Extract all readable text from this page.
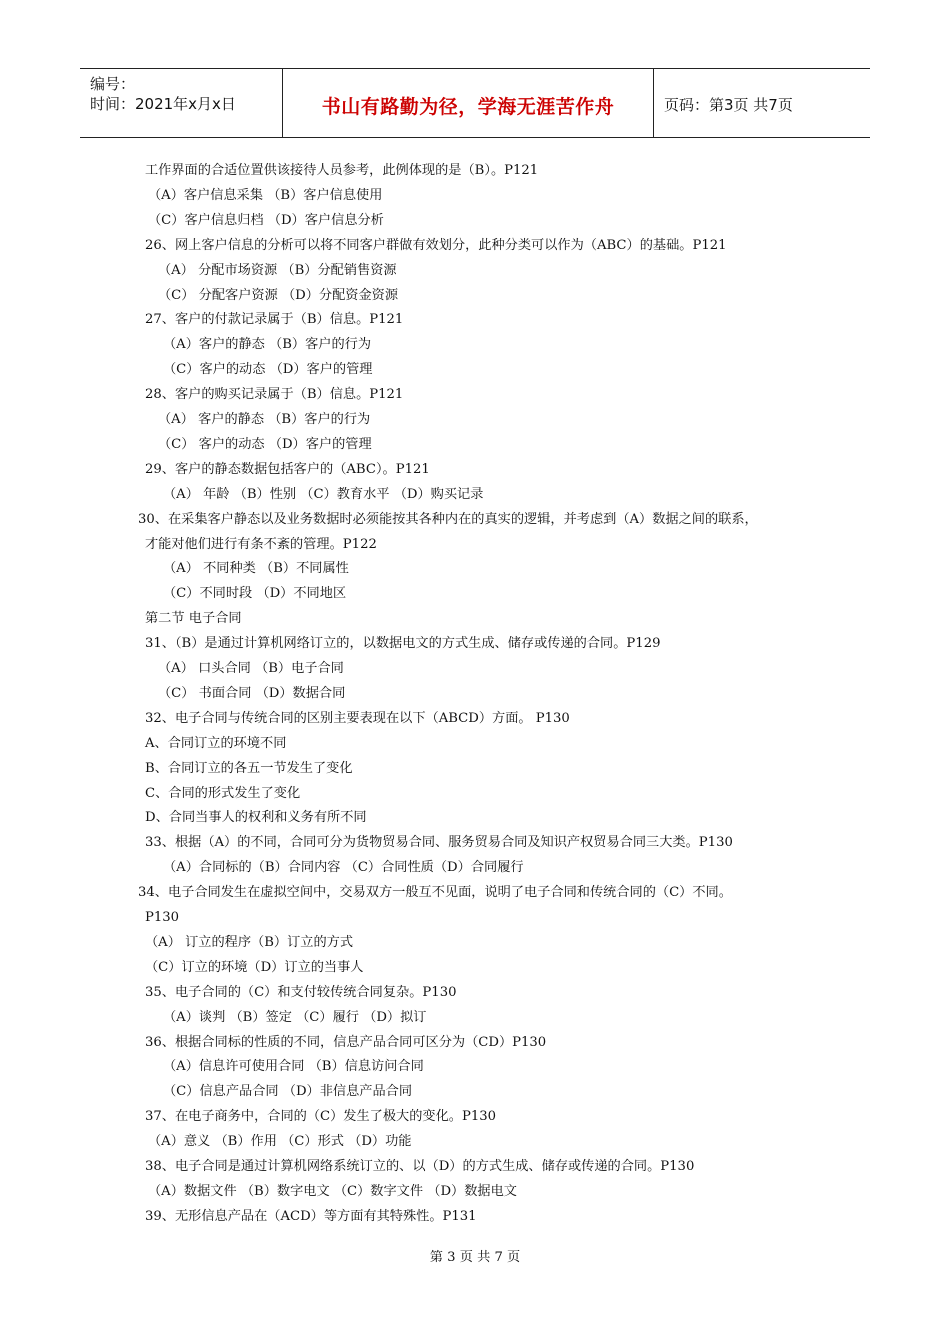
编号：
时间：2021年x月x日	书山有路勤为径，学海无涯苦作舟	页码：第3页 共7页
工作界面的合适位置供该接待人员参考，此例体现的是（B）。P121
（A）客户信息采集 （B）客户信息使用
（C）客户信息归档 （D）客户信息分析
26、网上客户信息的分析可以将不同客户群做有效划分，此种分类可以作为（ABC）的基础。P121
（A） 分配市场资源 （B）分配销售资源
（C） 分配客户资源 （D）分配资金资源
27、客户的付款记录属于（B）信息。P121
（A）客户的静态 （B）客户的行为
（C）客户的动态 （D）客户的管理
28、客户的购买记录属于（B）信息。P121
（A） 客户的静态 （B）客户的行为
（C） 客户的动态 （D）客户的管理
29、客户的静态数据包括客户的（ABC）。P121
（A） 年龄 （B）性别 （C）教育水平 （D）购买记录
30、在采集客户静态以及业务数据时必须能按其各种内在的真实的逻辑，并考虑到（A）数据之间的联系，
才能对他们进行有条不紊的管理。P122
（A） 不同种类 （B）不同属性
（C）不同时段 （D）不同地区
第二节 电子合同
31、（B）是通过计算机网络订立的，以数据电文的方式生成、储存或传递的合同。P129
（A） 口头合同 （B）电子合同
（C） 书面合同 （D）数据合同
32、电子合同与传统合同的区别主要表现在以下（ABCD）方面。 P130
A、合同订立的环境不同
B、合同订立的各五一节发生了变化
C、合同的形式发生了变化
D、合同当事人的权利和义务有所不同
33、根据（A）的不同，合同可分为货物贸易合同、服务贸易合同及知识产权贸易合同三大类。P130
（A）合同标的（B）合同内容 （C）合同性质（D）合同履行
34、电子合同发生在虚拟空间中，交易双方一般互不见面，说明了电子合同和传统合同的（C）不同。
P130
（A） 订立的程序（B）订立的方式
（C）订立的环境（D）订立的当事人
35、电子合同的（C）和支付较传统合同复杂。P130
（A）谈判 （B）签定 （C）履行 （D）拟订
36、根据合同标的性质的不同，信息产品合同可区分为（CD）P130
（A）信息许可使用合同 （B）信息访问合同
（C）信息产品合同 （D）非信息产品合同
37、在电子商务中，合同的（C）发生了极大的变化。P130
（A）意义 （B）作用 （C）形式 （D）功能
38、电子合同是通过计算机网络系统订立的、以（D）的方式生成、储存或传递的合同。P130
（A）数据文件 （B）数字电文 （C）数字文件 （D）数据电文
39、无形信息产品在（ACD）等方面有其特殊性。P131
第 3 页 共 7 页
